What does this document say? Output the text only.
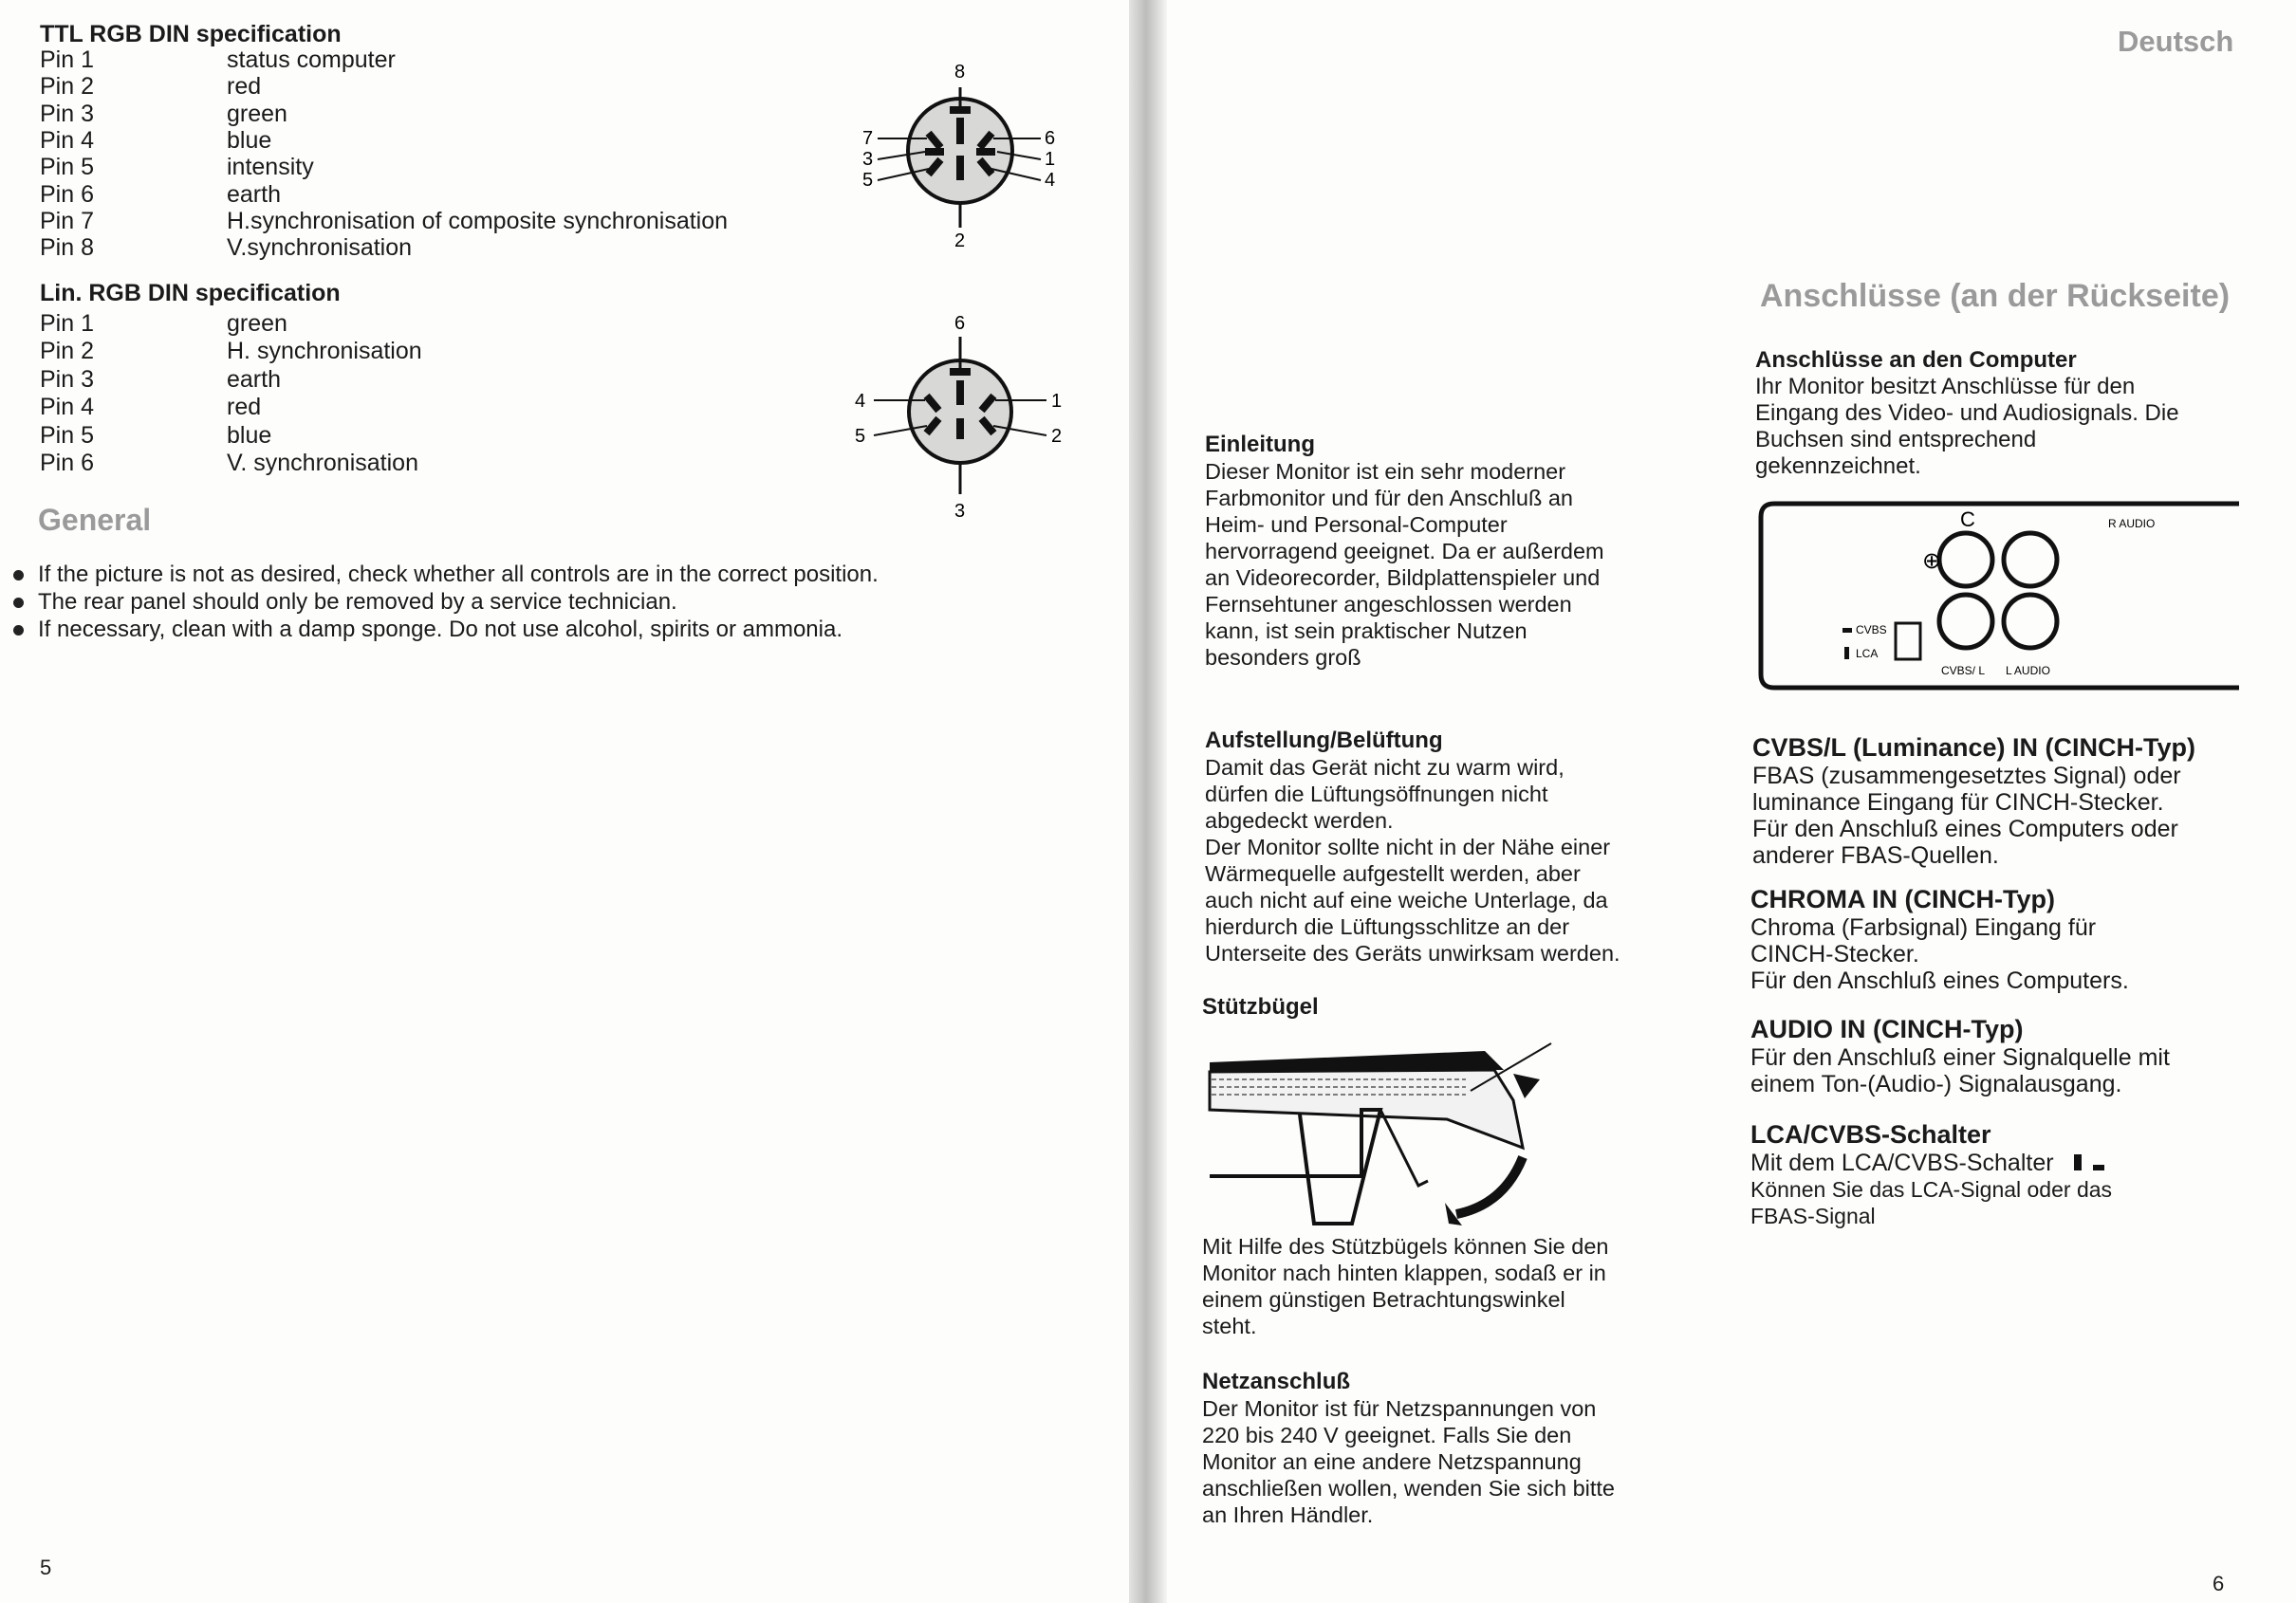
TTL RGB DIN specification
Pin 1	status computer
Pin 2	red
Pin 3	green
Pin 4	blue
Pin 5	intensity
Pin 6	earth
Pin 7	H.synchronisation of composite synchronisation
Pin 8	V.synchronisation
8
2
7
3
5
6
1
4
Lin. RGB DIN specification
Pin 1	green
Pin 2	H. synchronisation
Pin 3	earth
Pin 4	red
Pin 5	blue
Pin 6	V. synchronisation
6
3
4
5
1
2
General
If the picture is not as desired, check whether all controls are in the correct position.
The rear panel should only be removed by a service technician.
If necessary, clean with a damp sponge. Do not use alcohol, spirits or ammonia.
5
Deutsch
Anschlüsse (an der Rückseite)
Einleitung
Dieser Monitor ist ein sehr moderner
Farbmonitor und für den Anschluß an
Heim- und Personal-Computer
hervorragend geeignet. Da er außerdem
an Videorecorder, Bildplattenspieler und
Fernsehtuner angeschlossen werden
kann, ist sein praktischer Nutzen
besonders groß
Aufstellung/Belüftung
Damit das Gerät nicht zu warm wird,
dürfen die Lüftungsöffnungen nicht
abgedeckt werden.
Der Monitor sollte nicht in der Nähe einer
Wärmequelle aufgestellt werden, aber
auch nicht auf eine weiche Unterlage, da
hierdurch die Lüftungsschlitze an der
Unterseite des Geräts unwirksam werden.
Stützbügel
Mit Hilfe des Stützbügels können Sie den
Monitor nach hinten klappen, sodaß er in
einem günstigen Betrachtungswinkel
steht.
Netzanschluß
Der Monitor ist für Netzspannungen von
220 bis 240 V geeignet. Falls Sie den
Monitor an eine andere Netzspannung
anschließen wollen, wenden Sie sich bitte
an Ihren Händler.
Anschlüsse an den Computer
Ihr Monitor besitzt Anschlüsse für den
Eingang des Video- und Audiosignals. Die
Buchsen sind entsprechend
gekennzeichnet.
C
⊕
R AUDIO
CVBS
LCA
CVBS/ L L AUDIO
CVBS/L (Luminance) IN (CINCH-Typ)
FBAS (zusammengesetztes Signal) oder
luminance Eingang für CINCH-Stecker.
Für den Anschluß eines Computers oder
anderer FBAS-Quellen.
CHROMA IN (CINCH-Typ)
Chroma (Farbsignal) Eingang für
CINCH-Stecker.
Für den Anschluß eines Computers.
AUDIO IN (CINCH-Typ)
Für den Anschluß einer Signalquelle mit
einem Ton-(Audio-) Signalausgang.
LCA/CVBS-Schalter
Mit dem LCA/CVBS-Schalter
Können Sie das LCA-Signal oder das
FBAS-Signal
6
